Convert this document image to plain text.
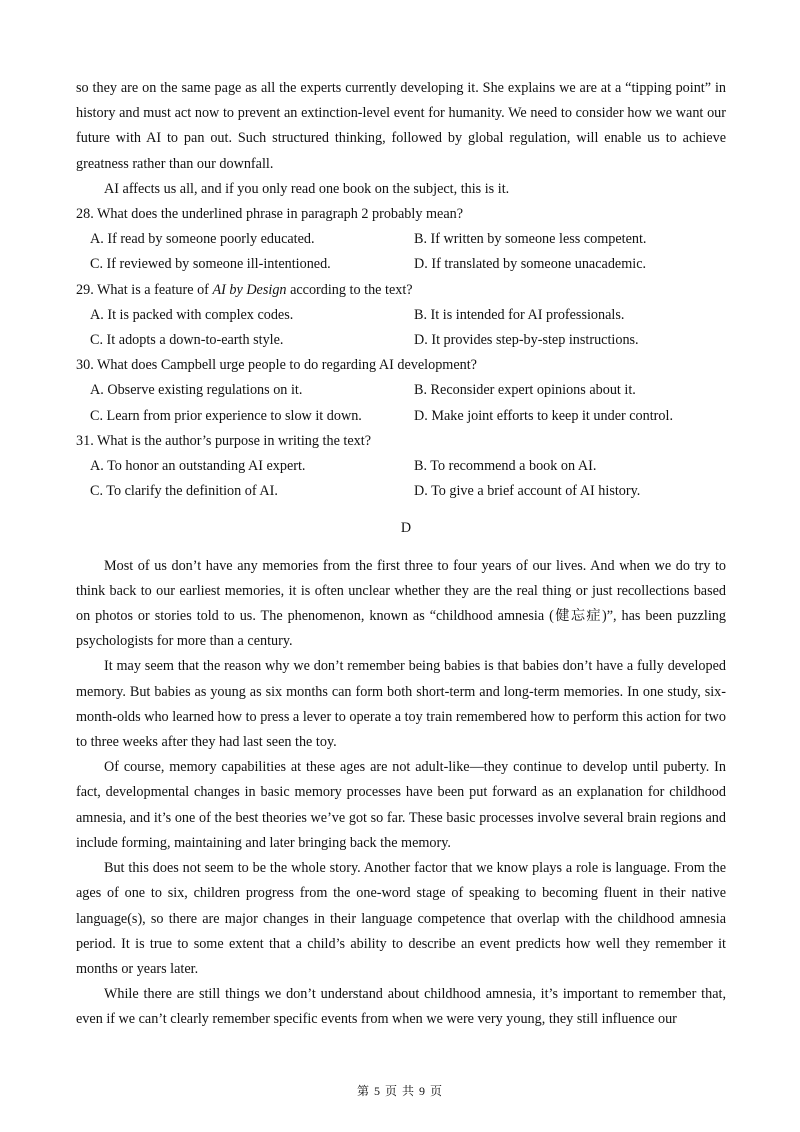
so they are on the same page as all the experts currently developing it. She explains we are at a “tipping point” in history and must act now to prevent an extinction-level event for humanity. We need to consider how we want our future with AI to pan out. Such structured thinking, followed by global regulation, will enable us to achieve greatness rather than our downfall.

AI affects us all, and if you only read one book on the subject, this is it.

28. What does the underlined phrase in paragraph 2 probably mean?

A. If read by someone poorly educated.	B. If written by someone less competent.
C. If reviewed by someone ill-intentioned.	D. If translated by someone unacademic.

29. What is a feature of AI by Design according to the text?

A. It is packed with complex codes.	B. It is intended for AI professionals.
C. It adopts a down-to-earth style.	D. It provides step-by-step instructions.

30. What does Campbell urge people to do regarding AI development?

A. Observe existing regulations on it.	B. Reconsider expert opinions about it.
C. Learn from prior experience to slow it down.	D. Make joint efforts to keep it under control.

31. What is the author’s purpose in writing the text?

A. To honor an outstanding AI expert.	B. To recommend a book on AI.
C. To clarify the definition of AI.	D. To give a brief account of AI history.
D

Most of us don’t have any memories from the first three to four years of our lives. And when we do try to think back to our earliest memories, it is often unclear whether they are the real thing or just recollections based on photos or stories told to us. The phenomenon, known as “childhood amnesia (健忘症)”, has been puzzling psychologists for more than a century.

It may seem that the reason why we don’t remember being babies is that babies don’t have a fully developed memory. But babies as young as six months can form both short-term and long-term memories. In one study, six-month-olds who learned how to press a lever to operate a toy train remembered how to perform this action for two to three weeks after they had last seen the toy.

Of course, memory capabilities at these ages are not adult-like—they continue to develop until puberty. In fact, developmental changes in basic memory processes have been put forward as an explanation for childhood amnesia, and it’s one of the best theories we’ve got so far. These basic processes involve several brain regions and include forming, maintaining and later bringing back the memory.

But this does not seem to be the whole story. Another factor that we know plays a role is language. From the ages of one to six, children progress from the one-word stage of speaking to becoming fluent in their native language(s), so there are major changes in their language competence that overlap with the childhood amnesia period. It is true to some extent that a child’s ability to describe an event predicts how well they remember it months or years later.

While there are still things we don’t understand about childhood amnesia, it’s important to remember that, even if we can’t clearly remember specific events from when we were very young, they still influence our

第 5 页 共 9 页
